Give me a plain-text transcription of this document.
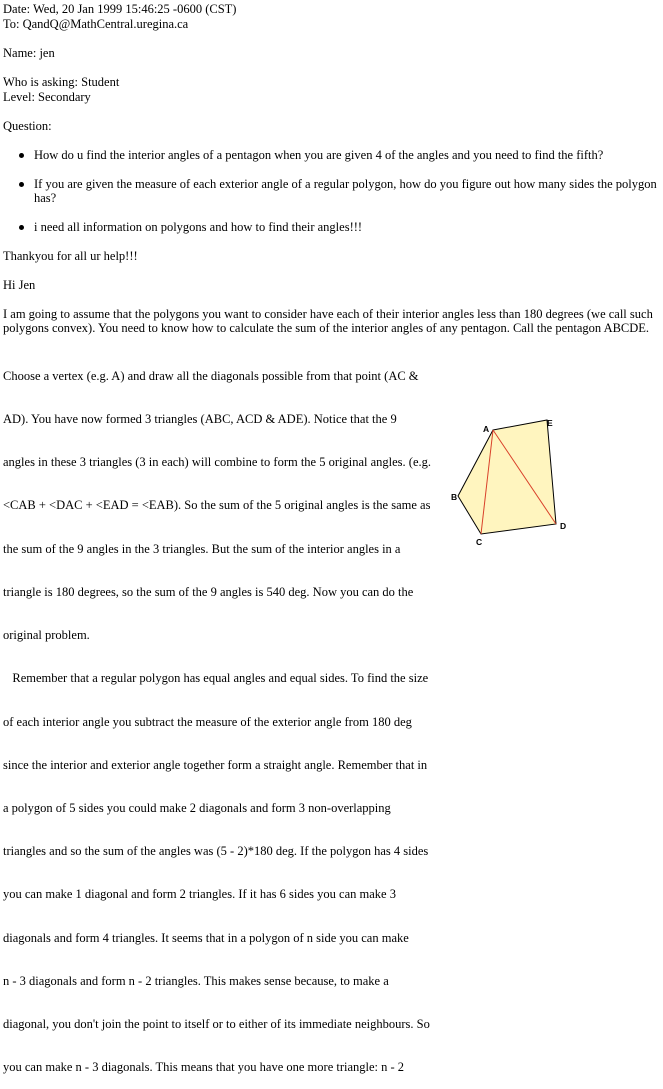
Date: Wed, 20 Jan 1999 15:46:25 -0600 (CST)
To: QandQ@MathCentral.uregina.ca
Name: jen
Who is asking: Student
Level: Secondary
Question:
How do u find the interior angles of a pentagon when you are given 4 of the angles and you need to find the fifth?
If you are given the measure of each exterior angle of a regular polygon, how do you figure out how many sides the polygon
has?
i need all information on polygons and how to find their angles!!!
Thankyou for all ur help!!!
Hi Jen
I am going to assume that the polygons you want to consider have each of their interior angles less than 180 degrees (we call such
polygons convex). You need to know how to calculate the sum of the interior angles of any pentagon. Call the pentagon ABCDE.

Choose a vertex (e.g. A) and draw all the diagonals possible from that point (AC &

AD). You have now formed 3 triangles (ABC, ACD & ADE). Notice that the 9

angles in these 3 triangles (3 in each) will combine to form the 5 original angles. (e.g.

<CAB + <DAC + <EAD = <EAB). So the sum of the 5 original angles is the same as

the sum of the 9 angles in the 3 triangles. But the sum of the interior angles in a

triangle is 180 degrees, so the sum of the 9 angles is 540 deg. Now you can do the

original problem.

Remember that a regular polygon has equal angles and equal sides. To find the size

of each interior angle you subtract the measure of the exterior angle from 180 deg

since the interior and exterior angle together form a straight angle. Remember that in

a polygon of 5 sides you could make 2 diagonals and form 3 non-overlapping

triangles and so the sum of the angles was (5 - 2)*180 deg. If the polygon has 4 sides

you can make 1 diagonal and form 2 triangles. If it has 6 sides you can make 3

diagonals and form 4 triangles. It seems that in a polygon of n side you can make

n - 3 diagonals and form n - 2 triangles. This makes sense because, to make a

diagonal, you don't join the point to itself or to either of its immediate neighbours. So

you can make n - 3 diagonals. This means that you have one more triangle: n - 2

A
E
B
D
C
